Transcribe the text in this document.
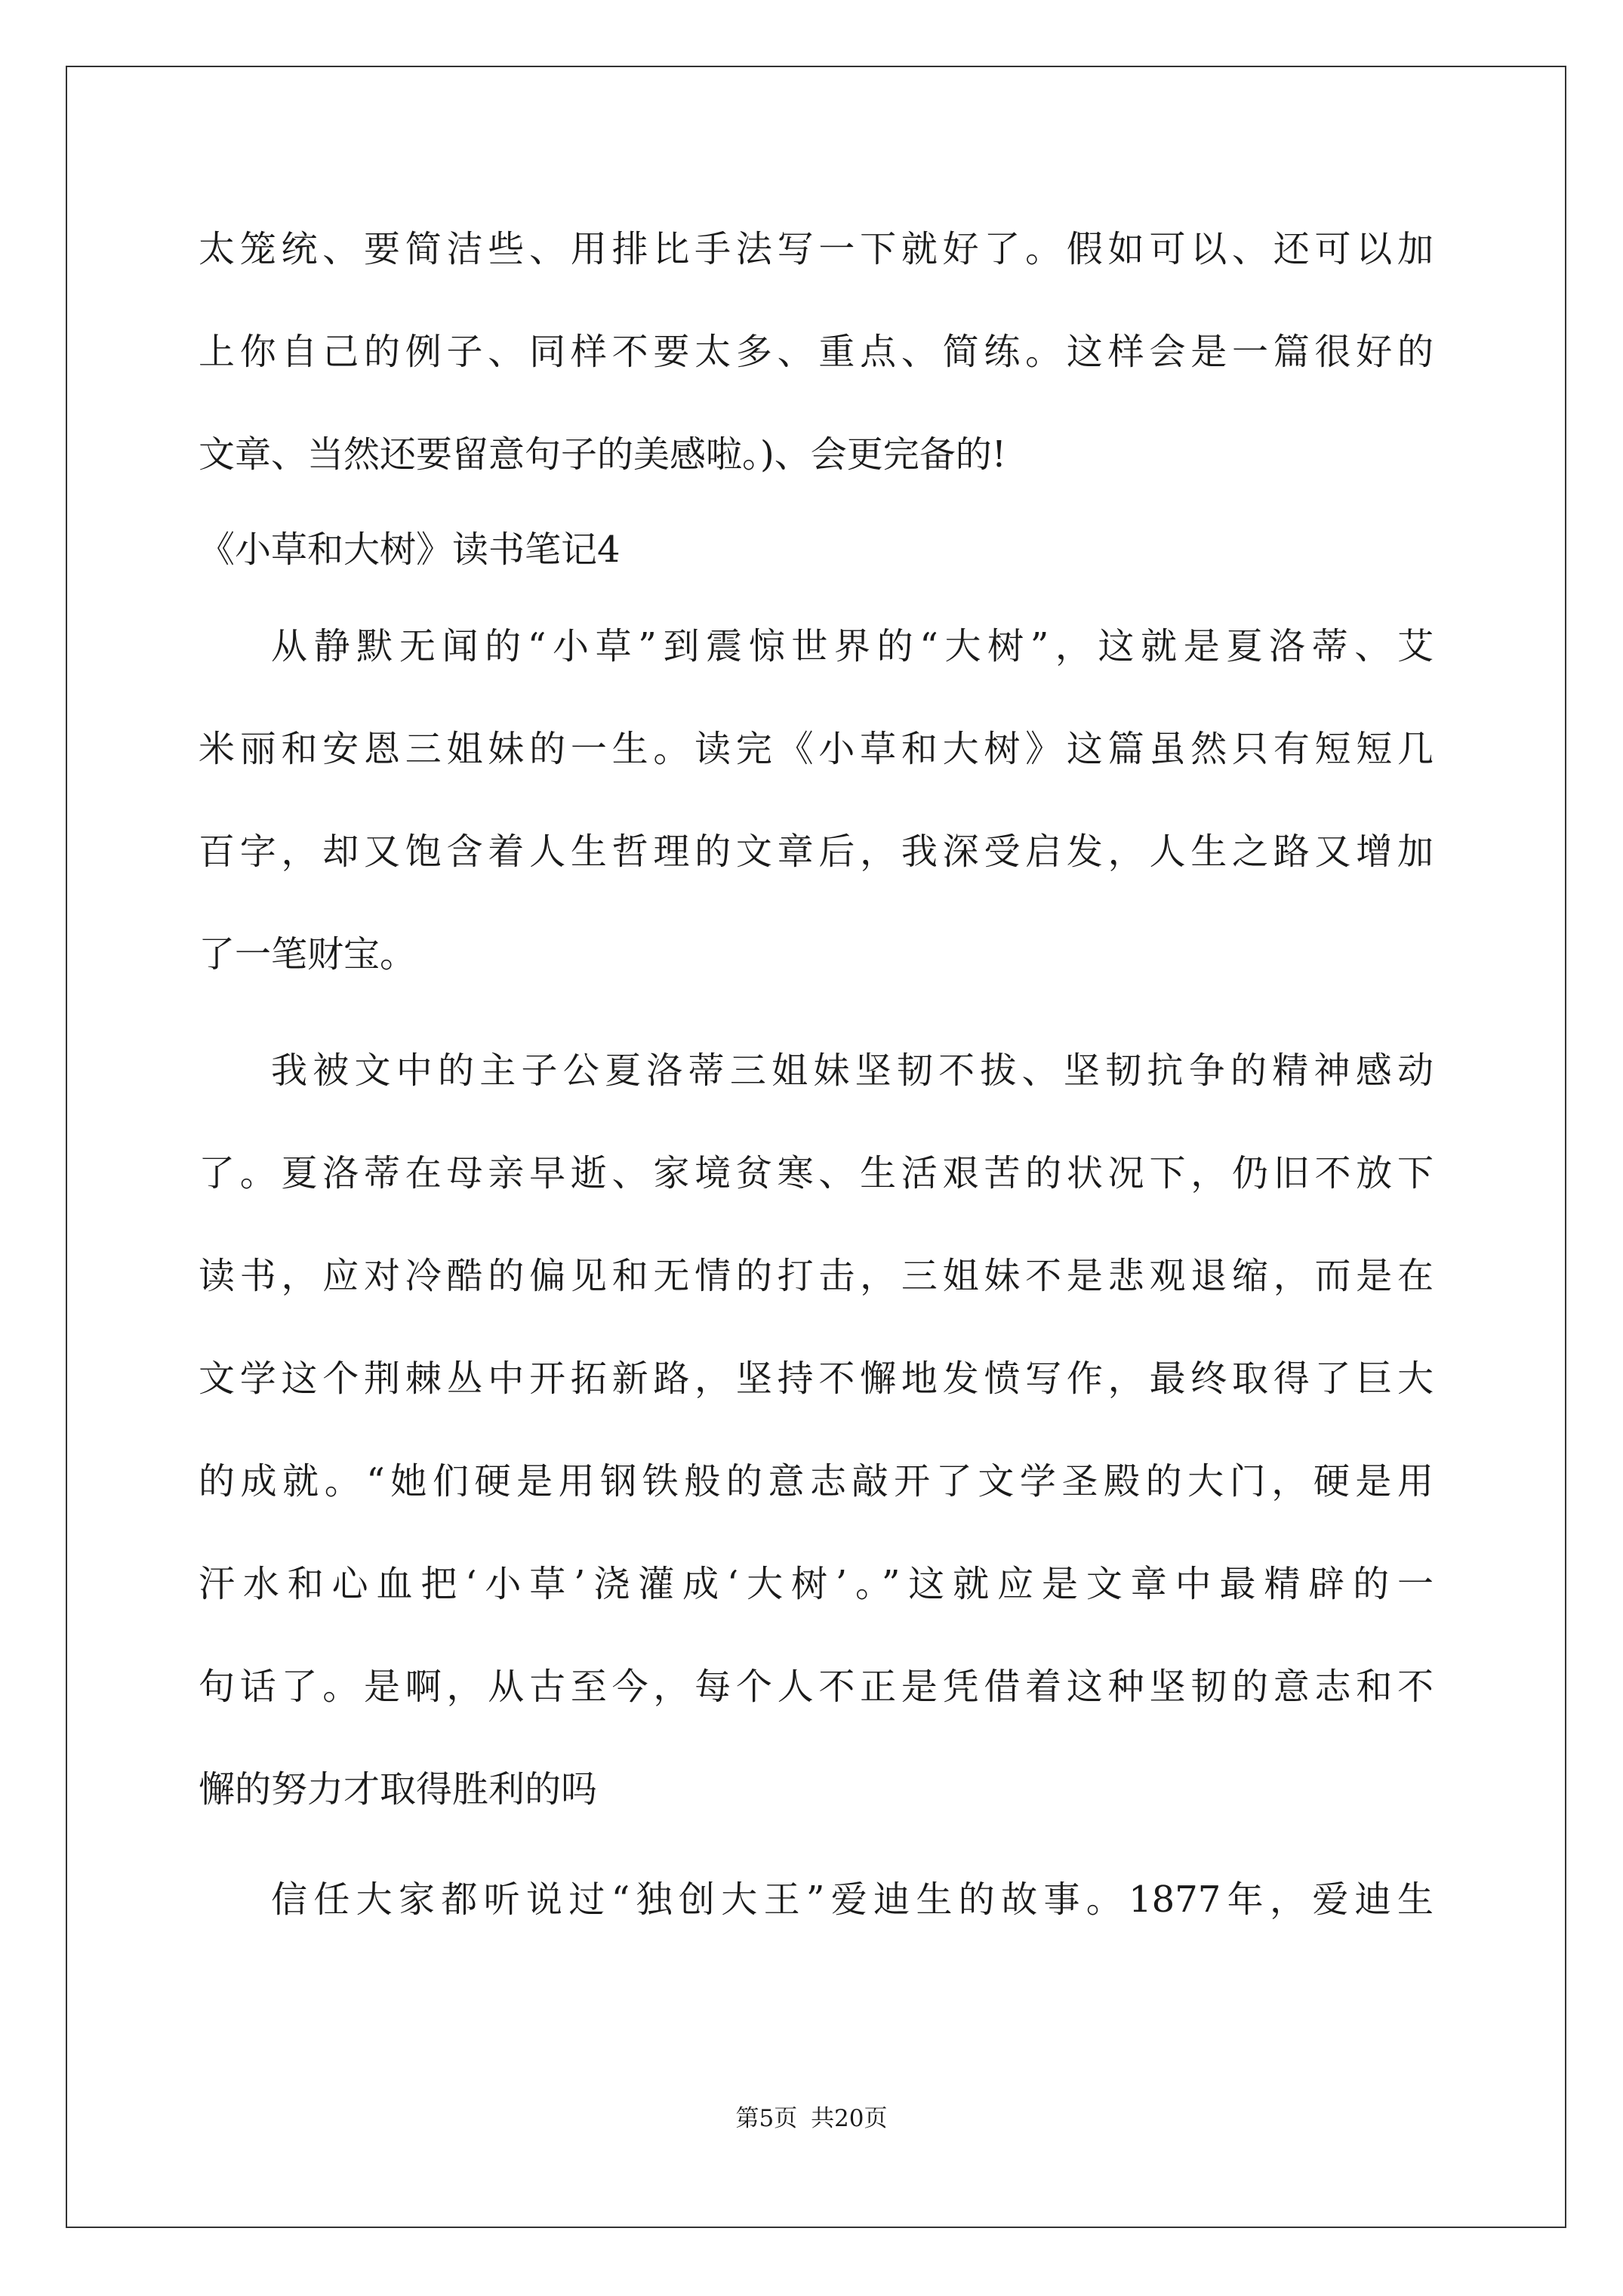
太笼统、要简洁些、用排比手法写一下就好了。假如可以、还可以加
上你自己的例子、同样不要太多、重点、简练。这样会是一篇很好的
文章、当然还要留意句子的美感啦。)、会更完备的!
《小草和大树》读书笔记4
从静默无闻的“小草”到震惊世界的“大树”，这就是夏洛蒂、艾
米丽和安恩三姐妹的一生。读完《小草和大树》这篇虽然只有短短几
百字，却又饱含着人生哲理的文章后，我深受启发，人生之路又增加
了一笔财宝。
我被文中的主子公夏洛蒂三姐妹坚韧不拔、坚韧抗争的精神感动
了。夏洛蒂在母亲早逝、家境贫寒、生活艰苦的状况下，仍旧不放下
读书，应对冷酷的偏见和无情的打击，三姐妹不是悲观退缩，而是在
文学这个荆棘丛中开拓新路，坚持不懈地发愤写作，最终取得了巨大
的成就。“她们硬是用钢铁般的意志敲开了文学圣殿的大门，硬是用
汗水和心血把‘小草’浇灌成‘大树’。”这就应是文章中最精辟的一
句话了。是啊，从古至今，每个人不正是凭借着这种坚韧的意志和不
懈的努力才取得胜利的吗
信任大家都听说过“独创大王”爱迪生的故事。1877年，爱迪生
第5页 共20页
